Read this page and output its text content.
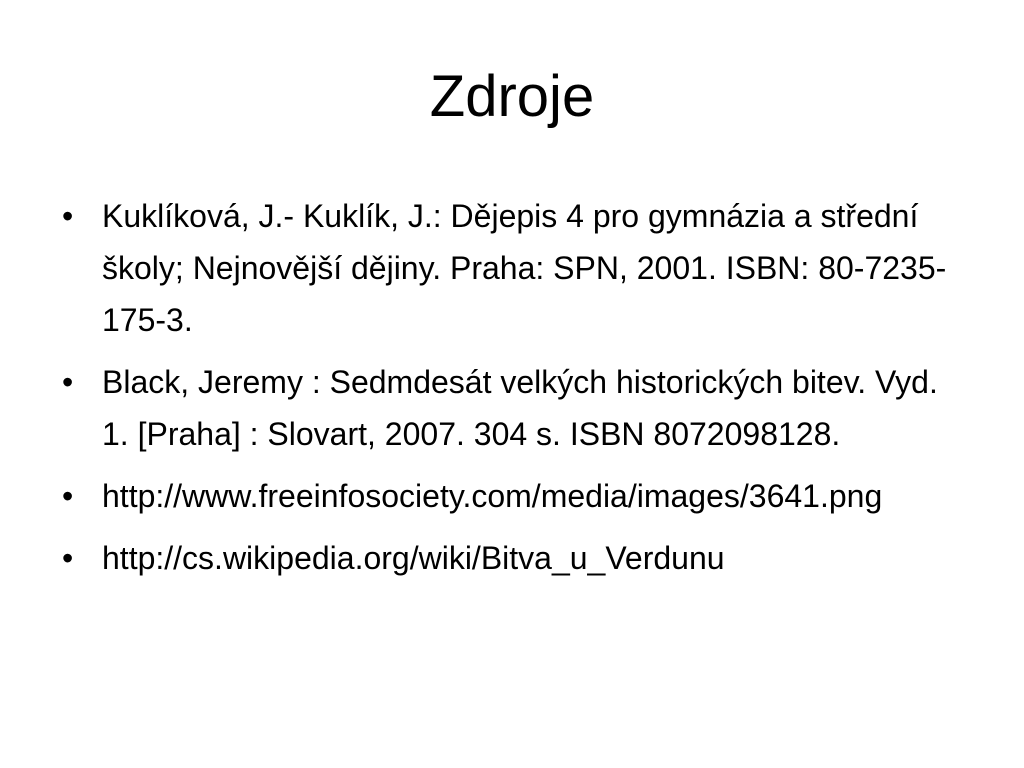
Zdroje
• Kuklíková, J.- Kuklík, J.: Dějepis 4 pro gymnázia a střední školy; Nejnovější dějiny. Praha: SPN, 2001. ISBN: 80-7235-175-3.
• Black, Jeremy : Sedmdesát velkých historických bitev. Vyd. 1. [Praha] : Slovart, 2007. 304 s. ISBN 8072098128.
• http://www.freeinfosociety.com/media/images/3641.png
• http://cs.wikipedia.org/wiki/Bitva_u_Verdunu
